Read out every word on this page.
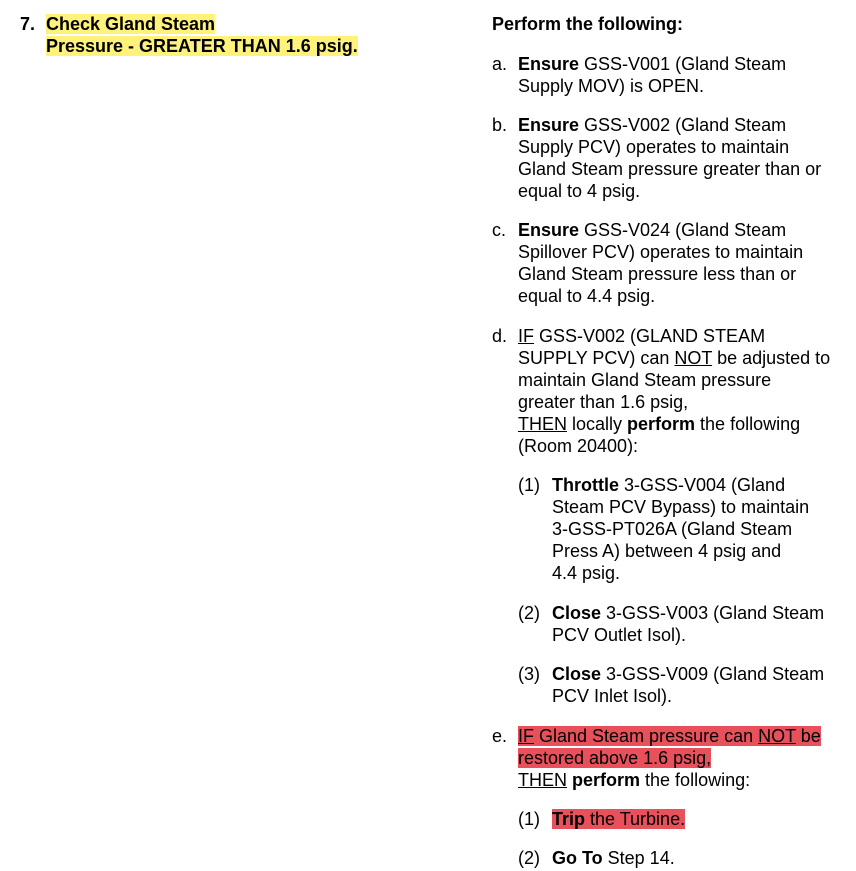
7. Check Gland Steam
Pressure - GREATER THAN 1.6 psig.
Perform the following:
a. Ensure GSS-V001 (Gland Steam
Supply MOV) is OPEN.
b. Ensure GSS-V002 (Gland Steam
Supply PCV) operates to maintain
Gland Steam pressure greater than or
equal to 4 psig.
c. Ensure GSS-V024 (Gland Steam
Spillover PCV) operates to maintain
Gland Steam pressure less than or
equal to 4.4 psig.
d. IF GSS-V002 (GLAND STEAM
SUPPLY PCV) can NOT be adjusted to
maintain Gland Steam pressure
greater than 1.6 psig,
THEN locally perform the following
(Room 20400):
(1) Throttle 3-GSS-V004 (Gland
Steam PCV Bypass) to maintain
3-GSS-PT026A (Gland Steam
Press A) between 4 psig and
4.4 psig.
(2) Close 3-GSS-V003 (Gland Steam
PCV Outlet Isol).
(3) Close 3-GSS-V009 (Gland Steam
PCV Inlet Isol).
e. IF Gland Steam pressure can NOT be
restored above 1.6 psig,
THEN perform the following:
(1) Trip the Turbine.
(2) Go To Step 14.
